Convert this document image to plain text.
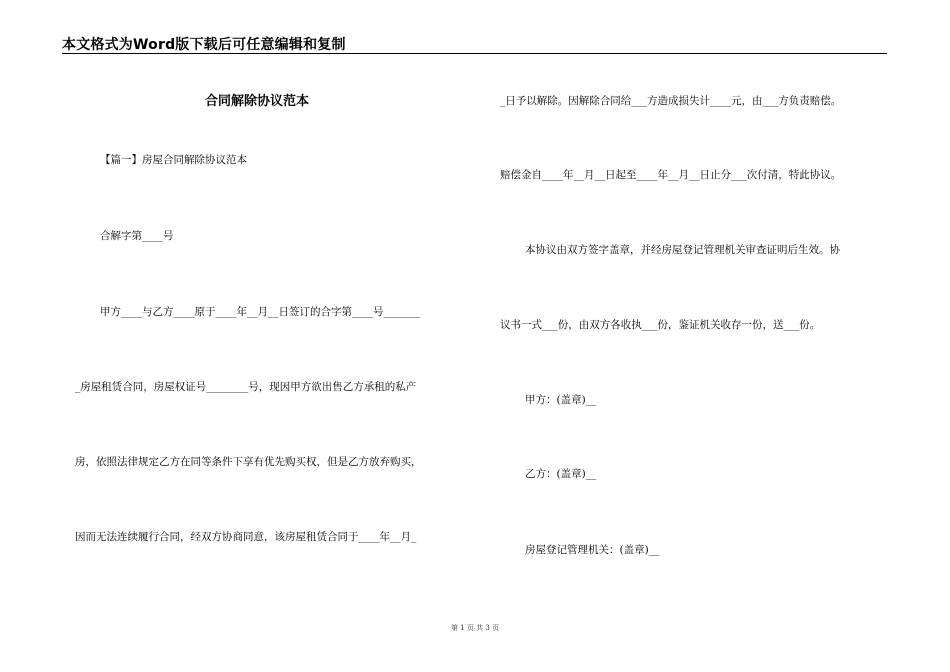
本文格式为Word版下载后可任意编辑和复制
合同解除协议范本
【篇一】房屋合同解除协议范本
合解字第____号
甲方____与乙方____原于____年__月__日签订的合字第____号_______
_房屋租赁合同，房屋权证号________号，现因甲方欲出售乙方承租的私产
房，依照法律规定乙方在同等条件下享有优先购买权，但是乙方放弃购买，
因而无法连续履行合同，经双方协商同意，该房屋租赁合同于____年__月_
_日予以解除。因解除合同给___方造成损失计____元，由___方负责赔偿。
赔偿金自____年__月__日起至____年__月__日止分___次付清，特此协议。
本协议由双方签字盖章，并经房屋登记管理机关审查证明后生效。协
议书一式___份，由双方各收执___份，鉴证机关收存一份，送___份。
甲方：(盖章)__
乙方：(盖章)__
房屋登记管理机关：(盖章)__
第 1 页 共 3 页
